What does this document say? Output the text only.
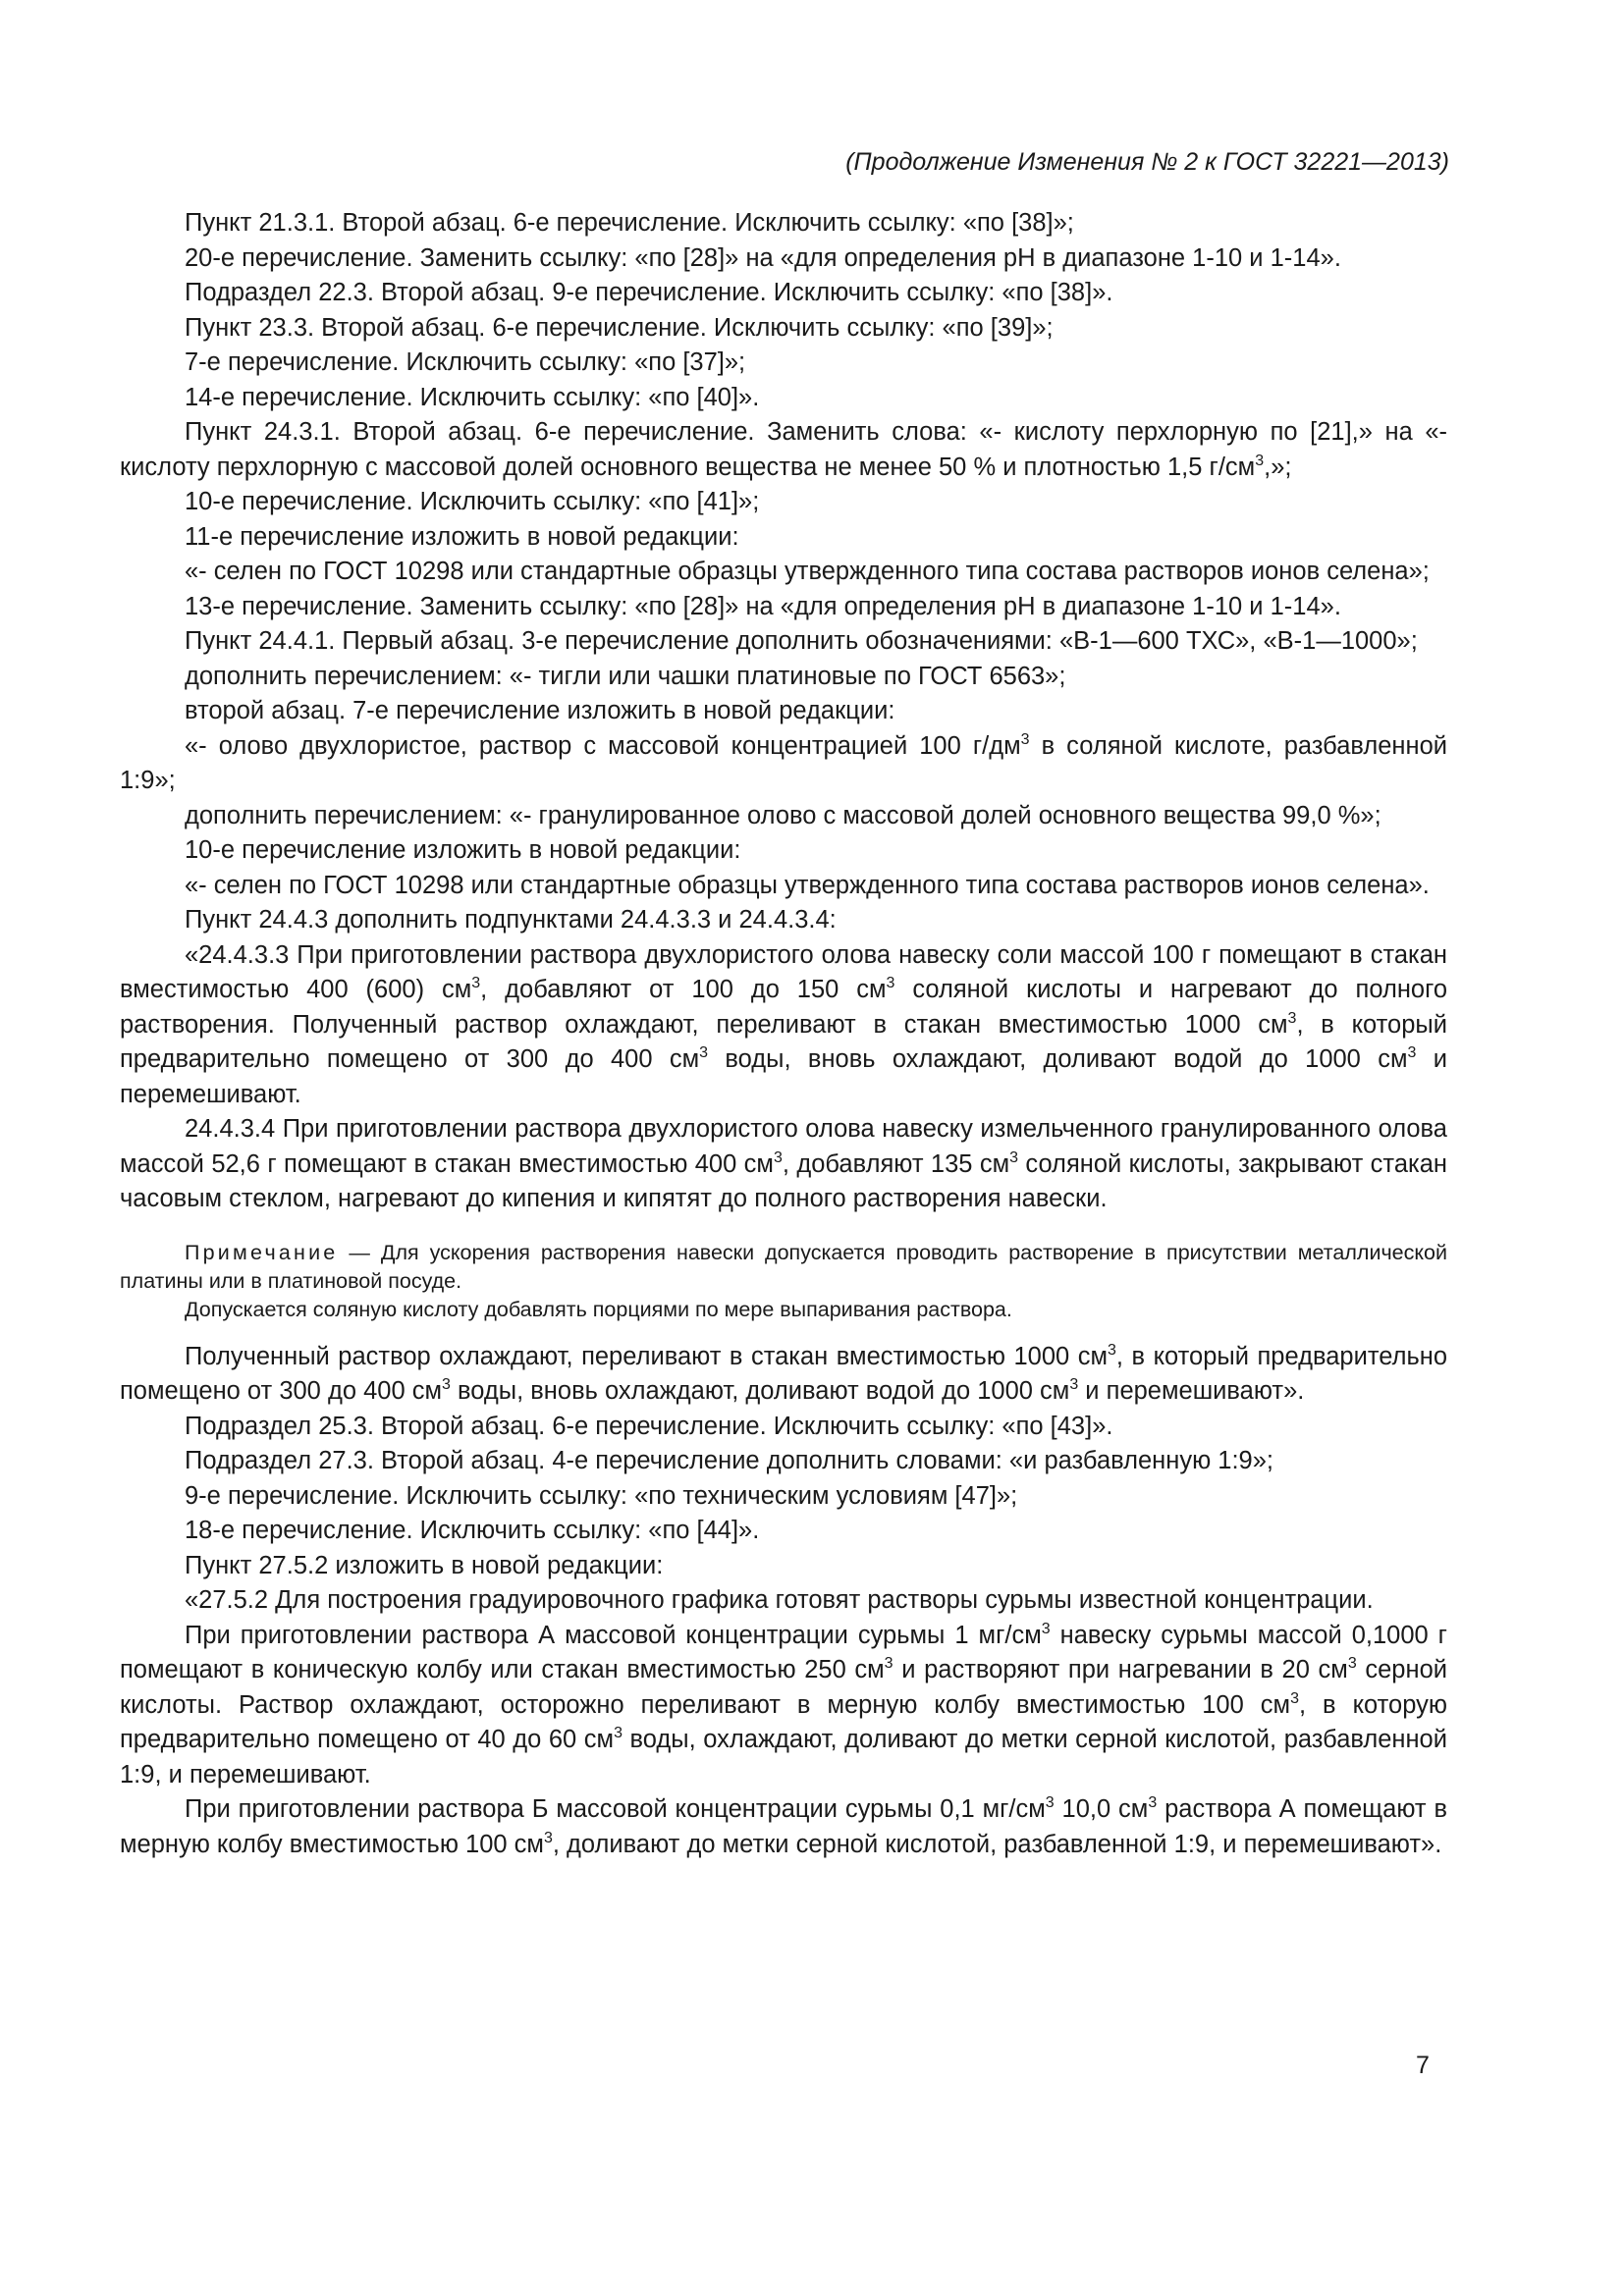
(Продолжение Изменения № 2 к ГОСТ 32221—2013)

Пункт 21.3.1. Второй абзац. 6-е перечисление. Исключить ссылку: «по [38]»;

20-е перечисление. Заменить ссылку: «по [28]» на «для определения рН в диапазоне 1-10 и 1-14».

Подраздел 22.3. Второй абзац. 9-е перечисление. Исключить ссылку: «по [38]».

Пункт 23.3. Второй абзац. 6-е перечисление. Исключить ссылку: «по [39]»;

7-е перечисление. Исключить ссылку: «по [37]»;

14-е перечисление. Исключить ссылку: «по [40]».

Пункт 24.3.1. Второй абзац. 6-е перечисление. Заменить слова: «- кислоту перхлорную по [21],» на «- кислоту перхлорную с массовой долей основного вещества не менее 50 % и плотностью 1,5 $г/см^3$,»;

10-е перечисление. Исключить ссылку: «по [41]»;

11-е перечисление изложить в новой редакции:

«- селен по ГОСТ 10298 или стандартные образцы утвержденного типа состава растворов ионов селена»;

13-е перечисление. Заменить ссылку: «по [28]» на «для определения рН в диапазоне 1-10 и 1-14».

Пункт 24.4.1. Первый абзац. 3-е перечисление дополнить обозначениями: «В-1—600 ТХС», «В-1—1000»;

дополнить перечислением: «- тигли или чашки платиновые по ГОСТ 6563»;

второй абзац. 7-е перечисление изложить в новой редакции:

«- олово двухлористое, раствор с массовой концентрацией 100 $г/дм^3$ в соляной кислоте, разбавленной 1:9»;

дополнить перечислением: «- гранулированное олово с массовой долей основного вещества 99,0 %»;

10-е перечисление изложить в новой редакции:

«- селен по ГОСТ 10298 или стандартные образцы утвержденного типа состава растворов ионов селена».

Пункт 24.4.3 дополнить подпунктами 24.4.3.3 и 24.4.3.4:

«24.4.3.3 При приготовлении раствора двухлористого олова навеску соли массой 100 г помещают в стакан вместимостью 400 (600) $см^3$, добавляют от 100 до 150 $см^3$ соляной кислоты и нагревают до полного растворения. Полученный раствор охлаждают, переливают в стакан вместимостью 1000 $см^3$, в который предварительно помещено от 300 до 400 $см^3$ воды, вновь охлаждают, доливают водой до 1000 $см^3$ и перемешивают.

24.4.3.4 При приготовлении раствора двухлористого олова навеску измельченного гранулированного олова массой 52,6 г помещают в стакан вместимостью 400 $см^3$, добавляют 135 $см^3$ соляной кислоты, закрывают стакан часовым стеклом, нагревают до кипения и кипятят до полного растворения навески.

Примечание — Для ускорения растворения навески допускается проводить растворение в присутствии металлической платины или в платиновой посуде.

Допускается соляную кислоту добавлять порциями по мере выпаривания раствора.

Полученный раствор охлаждают, переливают в стакан вместимостью 1000 $см^3$, в который предварительно помещено от 300 до 400 $см^3$ воды, вновь охлаждают, доливают водой до 1000 $см^3$ и перемешивают».

Подраздел 25.3. Второй абзац. 6-е перечисление. Исключить ссылку: «по [43]».

Подраздел 27.3. Второй абзац. 4-е перечисление дополнить словами: «и разбавленную 1:9»;

9-е перечисление. Исключить ссылку: «по техническим условиям [47]»;

18-е перечисление. Исключить ссылку: «по [44]».

Пункт 27.5.2 изложить в новой редакции:

«27.5.2 Для построения градуировочного графика готовят растворы сурьмы известной концентрации.

При приготовлении раствора А массовой концентрации сурьмы 1 $мг/см^3$ навеску сурьмы массой 0,1000 г помещают в коническую колбу или стакан вместимостью 250 $см^3$ и растворяют при нагревании в 20 $см^3$ серной кислоты. Раствор охлаждают, осторожно переливают в мерную колбу вместимостью 100 $см^3$, в которую предварительно помещено от 40 до 60 $см^3$ воды, охлаждают, доливают до метки серной кислотой, разбавленной 1:9, и перемешивают.

При приготовлении раствора Б массовой концентрации сурьмы 0,1 $мг/см^3$ 10,0 $см^3$ раствора А помещают в мерную колбу вместимостью 100 $см^3$, доливают до метки серной кислотой, разбавленной 1:9, и перемешивают».

7
